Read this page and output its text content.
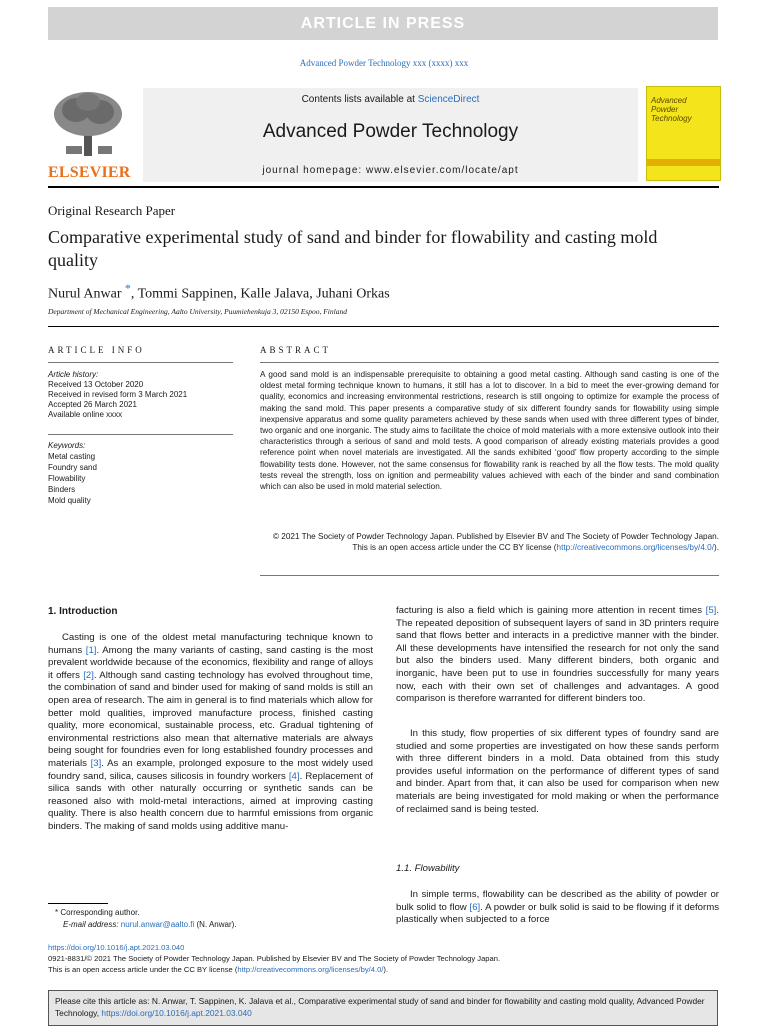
ARTICLE IN PRESS
Advanced Powder Technology xxx (xxxx) xxx
ELSEVIER
Contents lists available at ScienceDirect
Advanced Powder Technology
journal homepage: www.elsevier.com/locate/apt
Advanced
Powder
Technology
Original Research Paper
Comparative experimental study of sand and binder for flowability and casting mold quality
Nurul Anwar *, Tommi Sappinen, Kalle Jalava, Juhani Orkas
Department of Mechanical Engineering, Aalto University, Puumiehenkuja 3, 02150 Espoo, Finland
ARTICLE INFO
Article history:
Received 13 October 2020
Received in revised form 3 March 2021
Accepted 26 March 2021
Available online xxxx
Keywords:
Metal casting
Foundry sand
Flowability
Binders
Mold quality
ABSTRACT
A good sand mold is an indispensable prerequisite to obtaining a good metal casting. Although sand casting is one of the oldest metal forming technique known to humans, it still has a lot to discover. In a bid to meet the ever-growing demand for quality, economics and increasing environmental restrictions, research is still ongoing to optimize for example the process of making the sand mold. This paper presents a comparative study of six different foundry sands for flowability using simple inexpensive apparatus and some quality parameters achieved by these sands when used with three different types of binder, two organic and one inorganic. The study aims to facilitate the choice of mold materials with a more extensive outlook into their characteristics through a serious of sand and mold tests. A good comparison of already existing materials provides a good reference point when novel materials are investigated. All the sands exhibited ‘good’ flow property according to the simple flowability tests done. However, not the same consensus for flowability rank is reached by all the flow tests. The mold quality tests reveal the strength, loss on ignition and permeability values achieved with each of the binder and sand combination which can also be used in mold material selection.
© 2021 The Society of Powder Technology Japan. Published by Elsevier BV and The Society of Powder Technology Japan. This is an open access article under the CC BY license (http://creativecommons.org/licenses/by/4.0/).
1. Introduction
Casting is one of the oldest metal manufacturing technique known to humans [1]. Among the many variants of casting, sand casting is the most prevalent worldwide because of the economics, flexibility and range of alloys it offers [2]. Although sand casting technology has evolved throughout time, the combination of sand and binder used for making of sand molds is still an open area of research. The aim in general is to find materials which allow for better mold qualities, improved manufacture process, finished casting quality, more economical, sustainable process, etc. Gradual tightening of environmental restrictions also mean that alternative materials are always being sought for foundries even for long established foundry processes and materials [3]. As an example, prolonged exposure to the most widely used foundry sand, silica, causes silicosis in foundry workers [4]. Replacement of silica sands with other naturally occurring or synthetic sands can be reasoned also with mold-metal interactions, aimed at improving casting quality. There is also health concern due to harmful emissions from organic binders. The making of sand molds using additive manu-
facturing is also a field which is gaining more attention in recent times [5]. The repeated deposition of subsequent layers of sand in 3D printers require sand that flows better and interacts in a predictive manner with the binder. All these developments have intensified the research for not only the sand but also the binders used. Many different binders, both organic and inorganic, have been put to use in foundries successfully for many years now, each with their own set of challenges and advantages. A good comparison is therefore warranted for different binders too.
In this study, flow properties of six different types of foundry sand are studied and some properties are investigated on how these sands perform with three different binders in a mold. Data obtained from this study provides useful information on the performance of different types of sand and binder. Apart from that, it can also be used for comparison when new materials are being investigated for mold making or when the performance of reclaimed sand is being tested.
1.1. Flowability
In simple terms, flowability can be described as the ability of powder or bulk solid to flow [6]. A powder or bulk solid is said to be flowing if it deforms plastically when subjected to a force
* Corresponding author.
E-mail address: nurul.anwar@aalto.fi (N. Anwar).
https://doi.org/10.1016/j.apt.2021.03.040
0921-8831/© 2021 The Society of Powder Technology Japan. Published by Elsevier BV and The Society of Powder Technology Japan.
This is an open access article under the CC BY license (http://creativecommons.org/licenses/by/4.0/).
Please cite this article as: N. Anwar, T. Sappinen, K. Jalava et al., Comparative experimental study of sand and binder for flowability and casting mold quality, Advanced Powder Technology, https://doi.org/10.1016/j.apt.2021.03.040
